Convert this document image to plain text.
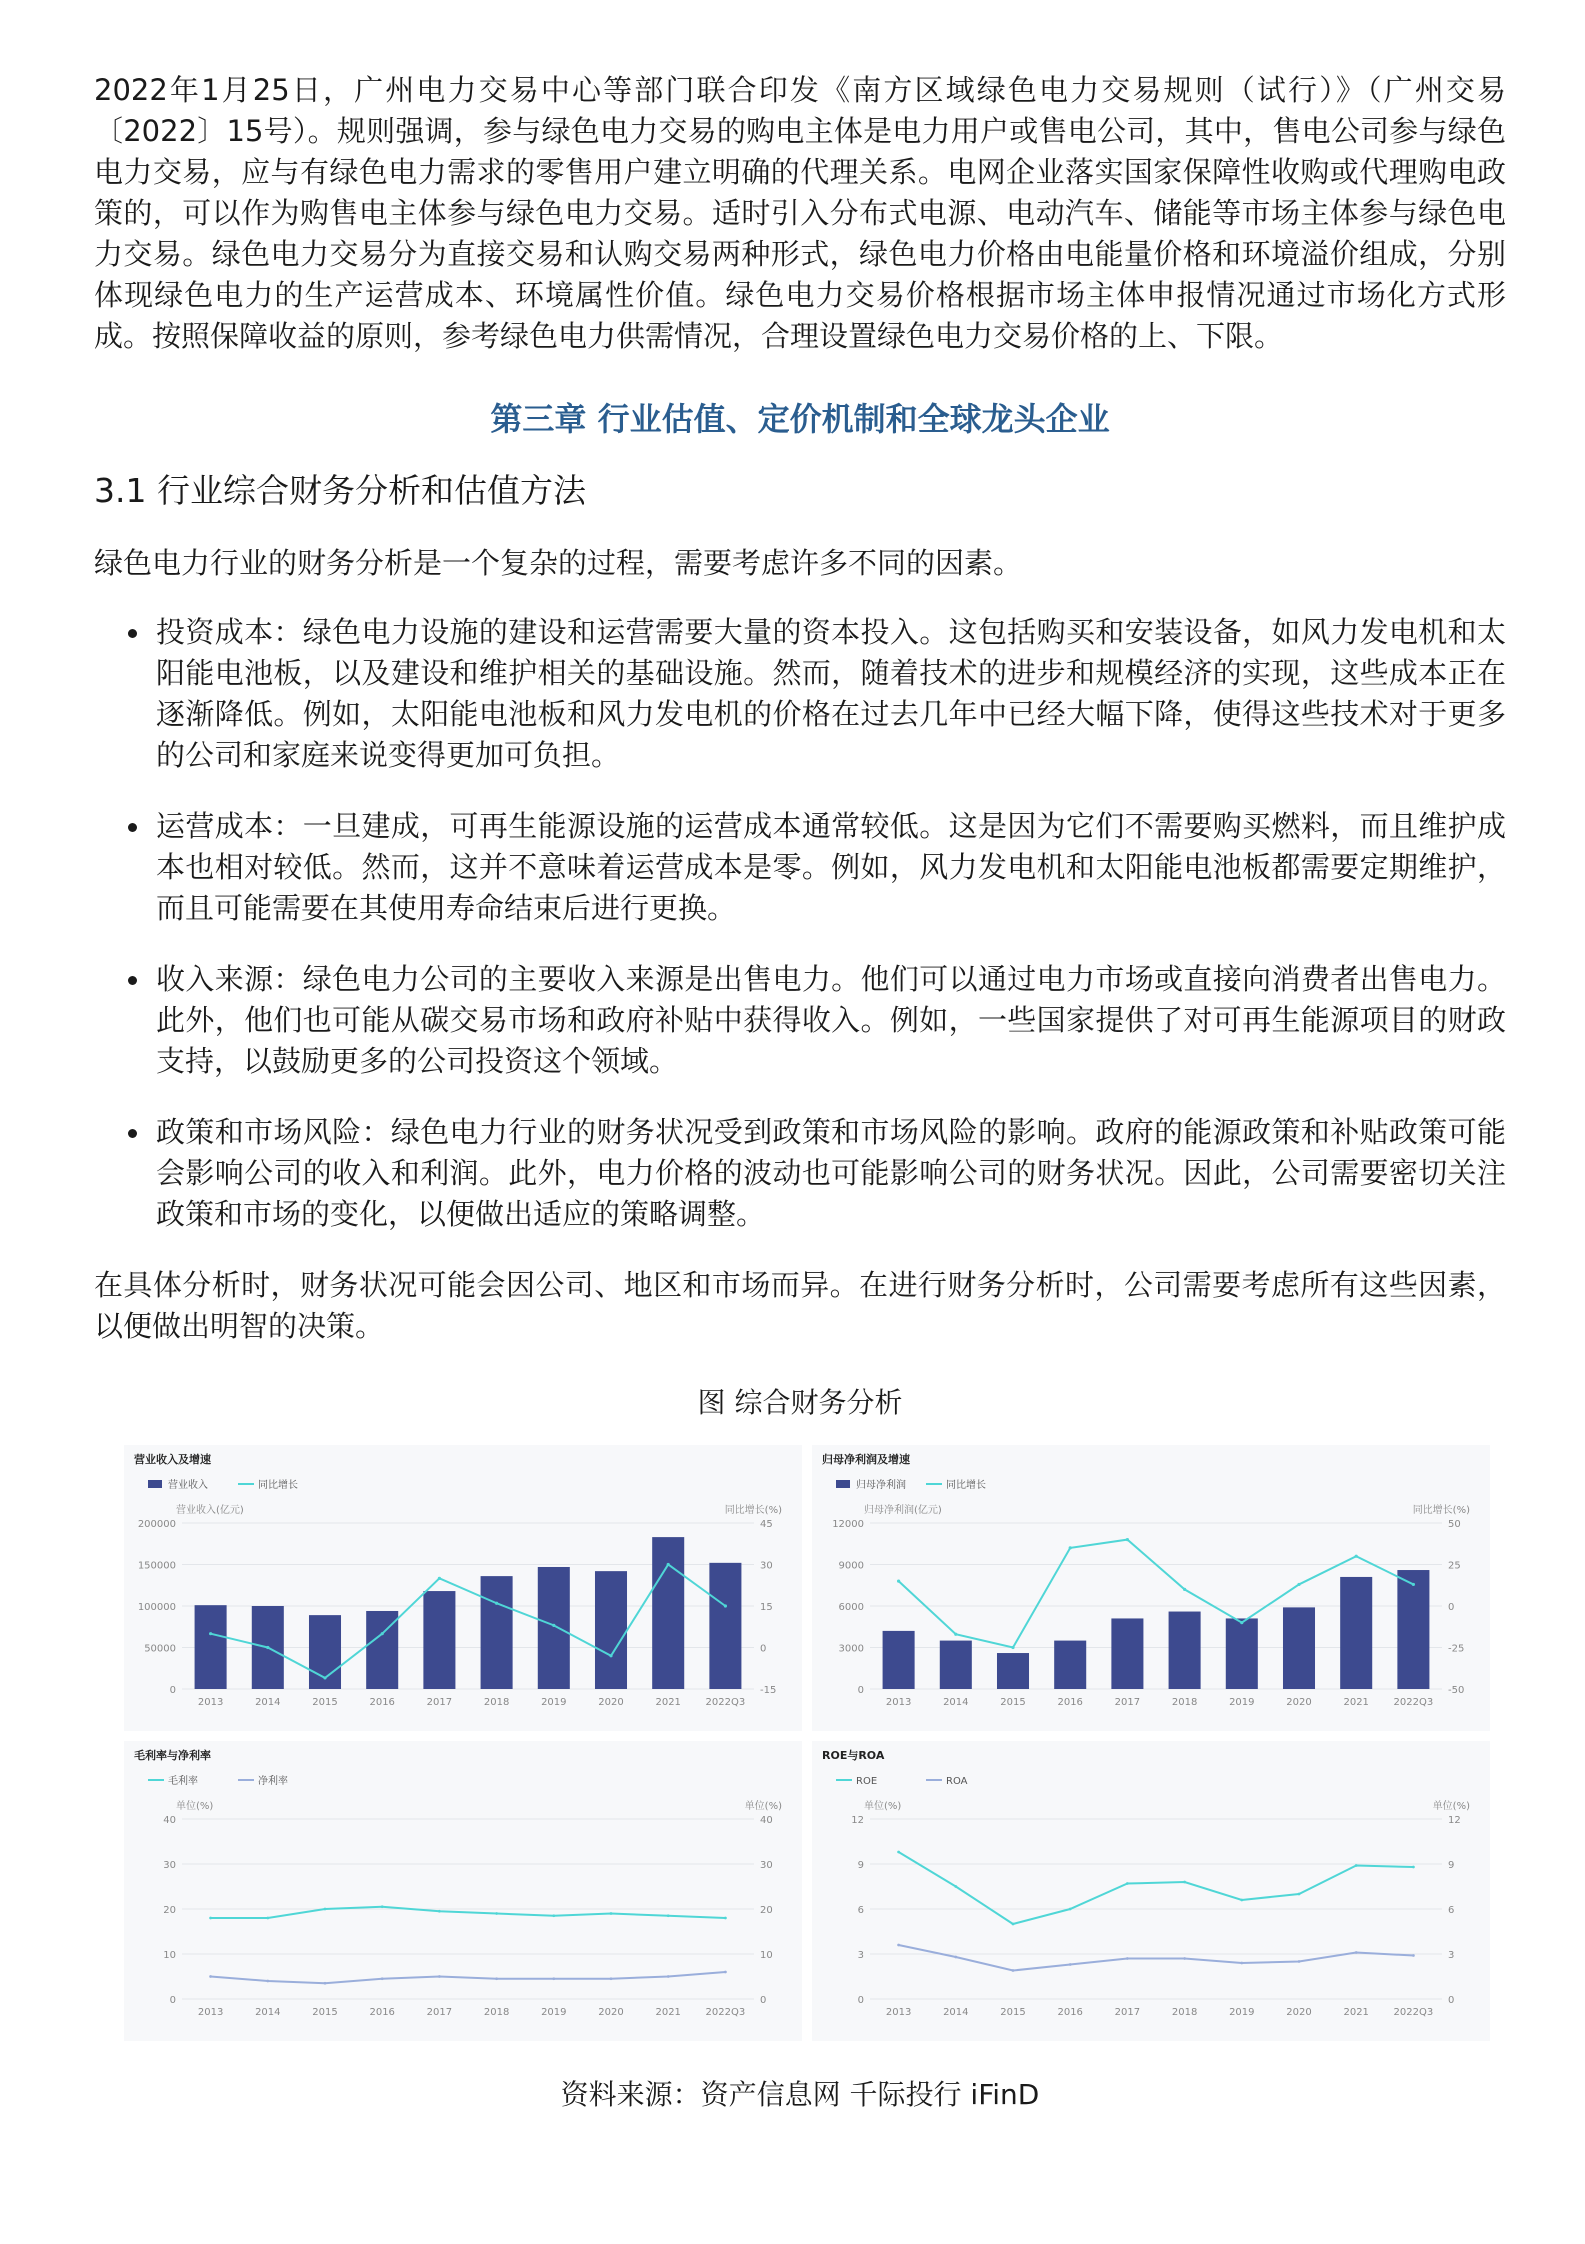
2022年1月25日，广州电力交易中心等部门联合印发《南方区域绿色电力交易规则（试行）》（广州交易〔2022〕15号）。规则强调，参与绿色电力交易的购电主体是电力用户或售电公司，其中，售电公司参与绿色电力交易，应与有绿色电力需求的零售用户建立明确的代理关系。电网企业落实国家保障性收购或代理购电政策的，可以作为购售电主体参与绿色电力交易。适时引入分布式电源、电动汽车、储能等市场主体参与绿色电力交易。绿色电力交易分为直接交易和认购交易两种形式，绿色电力价格由电能量价格和环境溢价组成，分别体现绿色电力的生产运营成本、环境属性价值。绿色电力交易价格根据市场主体申报情况通过市场化方式形成。按照保障收益的原则，参考绿色电力供需情况，合理设置绿色电力交易价格的上、下限。

第三章 行业估值、定价机制和全球龙头企业
3.1 行业综合财务分析和估值方法

绿色电力行业的财务分析是一个复杂的过程，需要考虑许多不同的因素。

投资成本：绿色电力设施的建设和运营需要大量的资本投入。这包括购买和安装设备，如风力发电机和太阳能电池板，以及建设和维护相关的基础设施。然而，随着技术的进步和规模经济的实现，这些成本正在逐渐降低。例如，太阳能电池板和风力发电机的价格在过去几年中已经大幅下降，使得这些技术对于更多的公司和家庭来说变得更加可负担。
运营成本：一旦建成，可再生能源设施的运营成本通常较低。这是因为它们不需要购买燃料，而且维护成本也相对较低。然而，这并不意味着运营成本是零。例如，风力发电机和太阳能电池板都需要定期维护，而且可能需要在其使用寿命结束后进行更换。
收入来源：绿色电力公司的主要收入来源是出售电力。他们可以通过电力市场或直接向消费者出售电力。此外，他们也可能从碳交易市场和政府补贴中获得收入。例如，一些国家提供了对可再生能源项目的财政支持，以鼓励更多的公司投资这个领域。
政策和市场风险：绿色电力行业的财务状况受到政策和市场风险的影响。政府的能源政策和补贴政策可能会影响公司的收入和利润。此外，电力价格的波动也可能影响公司的财务状况。因此，公司需要密切关注政策和市场的变化，以便做出适应的策略调整。

在具体分析时，财务状况可能会因公司、地区和市场而异。在进行财务分析时，公司需要考虑所有这些因素，以便做出明智的决策。

图 综合财务分析
营业收入及增速
营业收入	同比增长
营业收入(亿元)	同比增长(%)
0	-15
50000	0
100000	15
150000	30
200000	45
2013	2014	2015	2016	2017	2018	2019	2020	2021 2022Q3
归母净利润及增速
归母净利润	同比增长
归母净利润(亿元)	同比增长(%)
0	-50
3000	-25
6000	0
9000	25
12000	50
2013	2014	2015	2016	2017	2018	2019	2020	2021 2022Q3
毛利率与净利率
毛利率	净利率
单位(%)	单位(%)
0	0
10	10
20	20
30	30
40	40
2013	2014	2015	2016	2017	2018	2019	2020	2021 2022Q3
ROE与ROA
ROE	ROA
单位(%)	单位(%)
0	0
3	3
6	6
9	9
12	12
2013	2014	2015	2016	2017	2018	2019	2020	2021 2022Q3
资料来源：资产信息网 千际投行 iFinD
